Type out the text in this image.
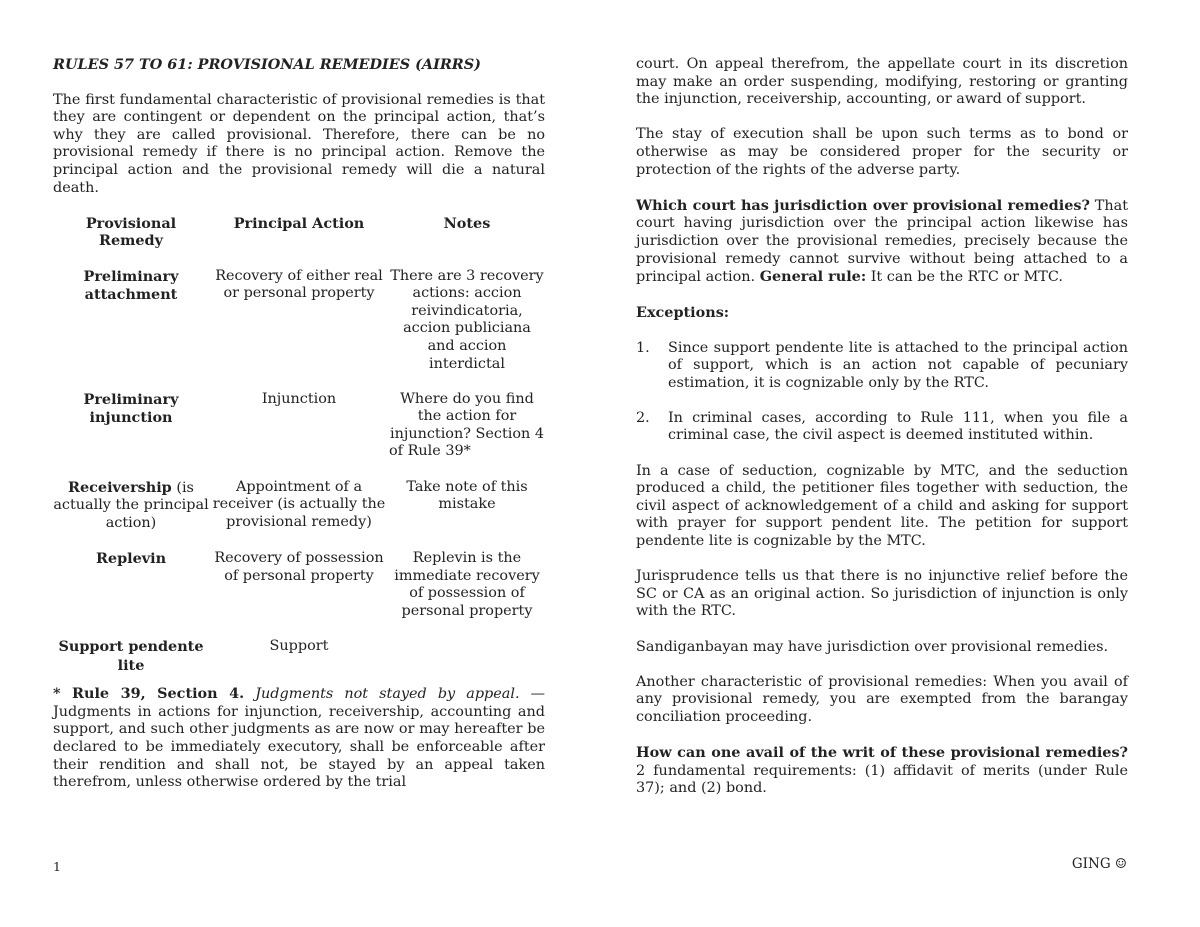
RULES 57 TO 61: PROVISIONAL REMEDIES (AIRRS)

The first fundamental characteristic of provisional remedies is that they are contingent or dependent on the principal action, that’s why they are called provisional. Therefore, there can be no provisional remedy if there is no principal action. Remove the principal action and the provisional remedy will die a natural death.

Provisional Remedy	Principal Action	Notes
Preliminary attachment	Recovery of either real or personal property	There are 3 recovery actions: accion reivindicatoria, accion publiciana and accion interdictal
Preliminary injunction	Injunction	Where do you find the action for injunction? Section 4 of Rule 39*
Receivership (is actually the principal action)	Appointment of a receiver (is actually the provisional remedy)	Take note of this mistake
Replevin	Recovery of possession of personal property	Replevin is the immediate recovery of possession of personal property
Support pendente lite	Support	

* Rule 39, Section 4. Judgments not stayed by appeal. — Judgments in actions for injunction, receivership, accounting and support, and such other judgments as are now or may hereafter be declared to be immediately executory, shall be enforceable after their rendition and shall not, be stayed by an appeal taken therefrom, unless otherwise ordered by the trial

court. On appeal therefrom, the appellate court in its discretion may make an order suspending, modifying, restoring or granting the injunction, receivership, accounting, or award of support.

The stay of execution shall be upon such terms as to bond or otherwise as may be considered proper for the security or protection of the rights of the adverse party.

Which court has jurisdiction over provisional remedies? That court having jurisdiction over the principal action likewise has jurisdiction over the provisional remedies, precisely because the provisional remedy cannot survive without being attached to a principal action. General rule: It can be the RTC or MTC.

Exceptions:

1. Since support pendente lite is attached to the principal action of support, which is an action not capable of pecuniary estimation, it is cognizable only by the RTC.
2. In criminal cases, according to Rule 111, when you file a criminal case, the civil aspect is deemed instituted within.

In a case of seduction, cognizable by MTC, and the seduction produced a child, the petitioner files together with seduction, the civil aspect of acknowledgement of a child and asking for support with prayer for support pendent lite. The petition for support pendente lite is cognizable by the MTC.

Jurisprudence tells us that there is no injunctive relief before the SC or CA as an original action. So jurisdiction of injunction is only with the RTC.

Sandiganbayan may have jurisdiction over provisional remedies.

Another characteristic of provisional remedies: When you avail of any provisional remedy, you are exempted from the barangay conciliation proceeding.

How can one avail of the writ of these provisional remedies? 2 fundamental requirements: (1) affidavit of merits (under Rule 37); and (2) bond.

1	GING ☺
